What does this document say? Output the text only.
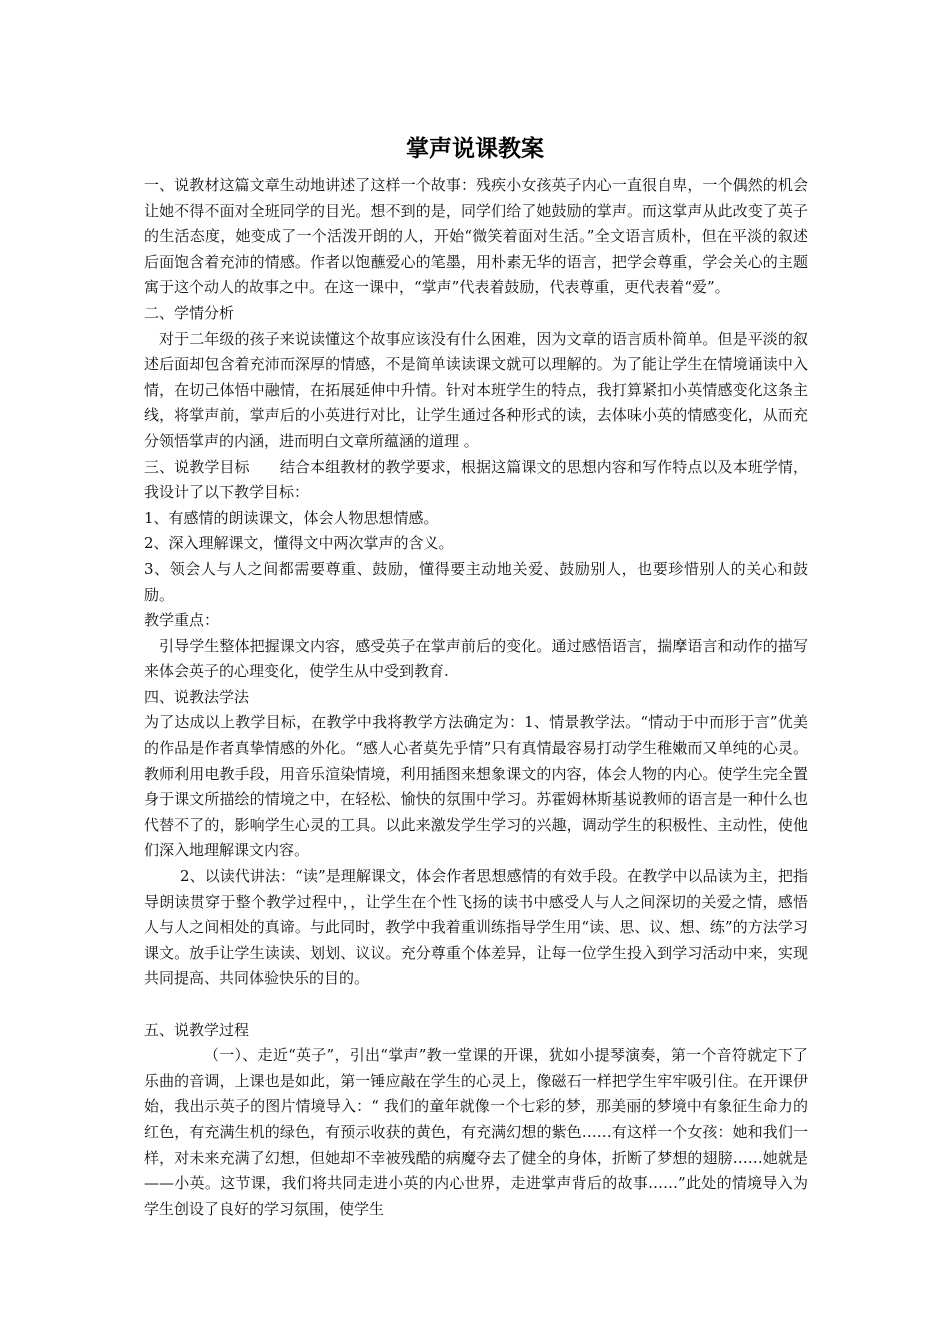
掌声说课教案

一、说教材这篇文章生动地讲述了这样一个故事：残疾小女孩英子内心一直很自卑，一个偶然的机会让她不得不面对全班同学的目光。想不到的是，同学们给了她鼓励的掌声。而这掌声从此改变了英子的生活态度，她变成了一个活泼开朗的人，开始“微笑着面对生活。”全文语言质朴，但在平淡的叙述后面饱含着充沛的情感。作者以饱蘸爱心的笔墨，用朴素无华的语言，把学会尊重，学会关心的主题寓于这个动人的故事之中。在这一课中，“掌声”代表着鼓励，代表尊重，更代表着“爱”。

二、学情分析

对于二年级的孩子来说读懂这个故事应该没有什么困难，因为文章的语言质朴简单。但是平淡的叙述后面却包含着充沛而深厚的情感，不是简单读读课文就可以理解的。为了能让学生在情境诵读中入情，在切己体悟中融情，在拓展延伸中升情。针对本班学生的特点，我打算紧扣小英情感变化这条主线，将掌声前，掌声后的小英进行对比，让学生通过各种形式的读，去体味小英的情感变化，从而充分领悟掌声的内涵，进而明白文章所蕴涵的道理 。

三、说教学目标　　结合本组教材的教学要求，根据这篇课文的思想内容和写作特点以及本班学情，我设计了以下教学目标：

1、有感情的朗读课文，体会人物思想情感。

2、深入理解课文，懂得文中两次掌声的含义。

3、领会人与人之间都需要尊重、鼓励，懂得要主动地关爱、鼓励别人，也要珍惜别人的关心和鼓励。

教学重点：

引导学生整体把握课文内容，感受英子在掌声前后的变化。通过感悟语言，揣摩语言和动作的描写来体会英子的心理变化，使学生从中受到教育.

四、说教法学法

为了达成以上教学目标，在教学中我将教学方法确定为：1、情景教学法。“情动于中而形于言”优美的作品是作者真挚情感的外化。“感人心者莫先乎情”只有真情最容易打动学生稚嫩而又单纯的心灵。教师利用电教手段，用音乐渲染情境，利用插图来想象课文的内容，体会人物的内心。使学生完全置身于课文所描绘的情境之中，在轻松、愉快的氛围中学习。苏霍姆林斯基说教师的语言是一种什么也代替不了的，影响学生心灵的工具。以此来激发学生学习的兴趣，调动学生的积极性、主动性，使他们深入地理解课文内容。

2、以读代讲法：“读”是理解课文，体会作者思想感情的有效手段。在教学中以品读为主，把指导朗读贯穿于整个教学过程中，，让学生在个性飞扬的读书中感受人与人之间深切的关爱之情，感悟人与人之间相处的真谛。与此同时，教学中我着重训练指导学生用“读、思、议、想、练”的方法学习课文。放手让学生读读、划划、议议。充分尊重个体差异，让每一位学生投入到学习活动中来，实现共同提高、共同体验快乐的目的。

五、说教学过程

（一）、走近“英子”，引出“掌声”教一堂课的开课，犹如小提琴演奏，第一个音符就定下了乐曲的音调，上课也是如此，第一锤应敲在学生的心灵上，像磁石一样把学生牢牢吸引住。在开课伊始，我出示英子的图片情境导入：“ 我们的童年就像一个七彩的梦，那美丽的梦境中有象征生命力的红色，有充满生机的绿色，有预示收获的黄色，有充满幻想的紫色……有这样一个女孩：她和我们一样，对未来充满了幻想，但她却不幸被残酷的病魔夺去了健全的身体，折断了梦想的翅膀……她就是——小英。这节课，我们将共同走进小英的内心世界，走进掌声背后的故事……”此处的情境导入为学生创设了良好的学习氛围，使学生
